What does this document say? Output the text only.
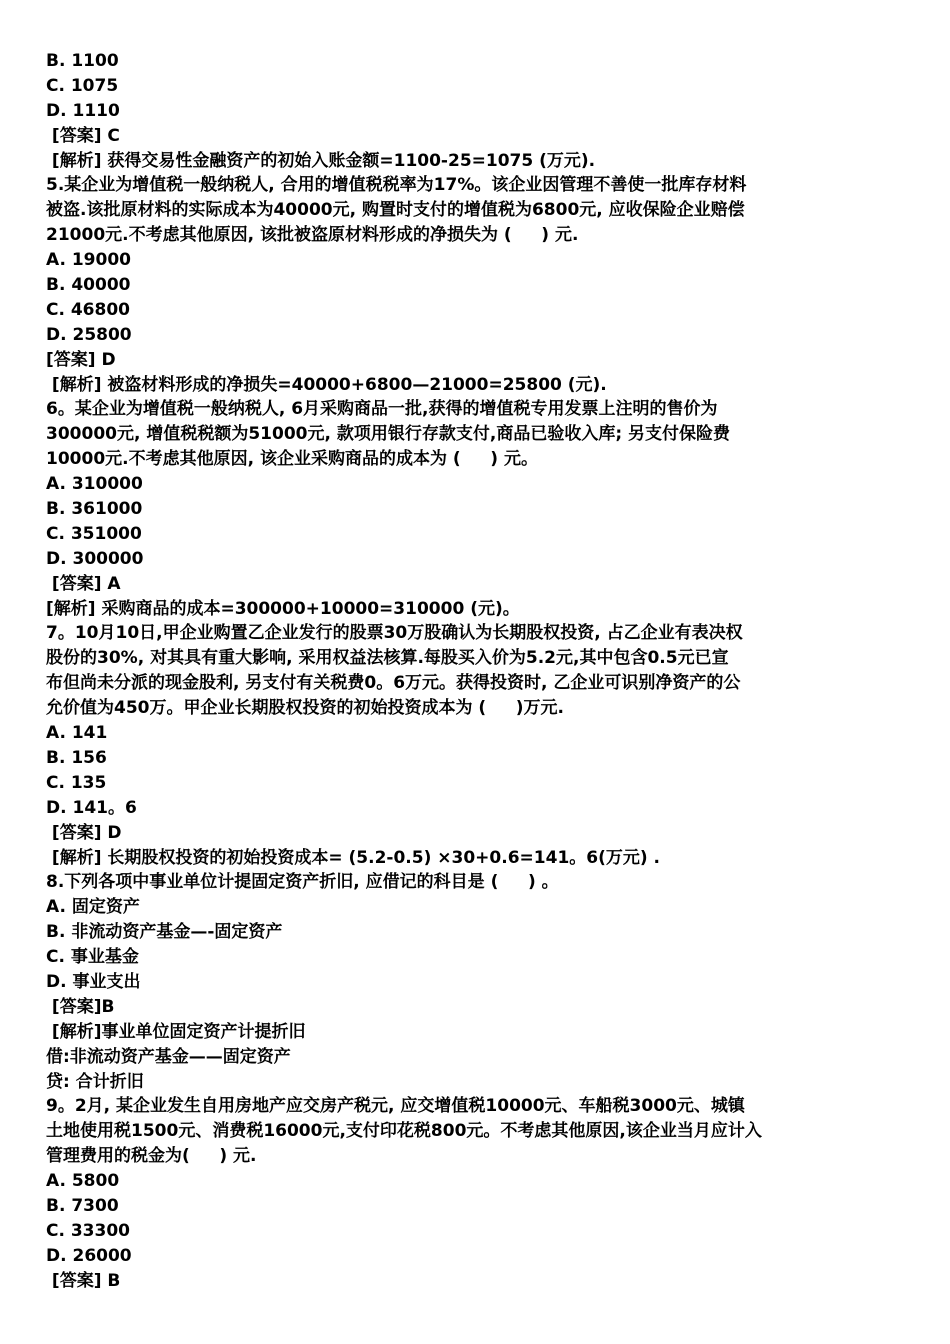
B. 1100
C. 1075
D. 1110
[答案] C
[解析] 获得交易性金融资产的初始入账金额=1100-25=1075 (万元).
5.某企业为增值税一般纳税人, 合用的增值税税率为17%。该企业因管理不善使一批库存材料
被盗.该批原材料的实际成本为40000元, 购置时支付的增值税为6800元, 应收保险企业赔偿
21000元.不考虑其他原因, 该批被盗原材料形成的净损失为 (     ) 元.
A. 19000
B. 40000
C. 46800
D. 25800
[答案] D
[解析] 被盗材料形成的净损失=40000+6800—21000=25800 (元).
6。某企业为增值税一般纳税人, 6月采购商品一批,获得的增值税专用发票上注明的售价为
300000元, 增值税税额为51000元, 款项用银行存款支付,商品已验收入库; 另支付保险费
10000元.不考虑其他原因, 该企业采购商品的成本为 (     ) 元。
A. 310000
B. 361000
C. 351000
D. 300000
[答案] A
[解析] 采购商品的成本=300000+10000=310000 (元)。
7。10月10日,甲企业购置乙企业发行的股票30万股确认为长期股权投资, 占乙企业有表决权
股份的30%, 对其具有重大影响, 采用权益法核算.每股买入价为5.2元,其中包含0.5元已宣
布但尚未分派的现金股利, 另支付有关税费0。6万元。获得投资时, 乙企业可识别净资产的公
允价值为450万。甲企业长期股权投资的初始投资成本为 (     )万元.
A. 141
B. 156
C. 135
D. 141。6
[答案] D
[解析] 长期股权投资的初始投资成本= (5.2-0.5) ×30+0.6=141。6(万元) .
8.下列各项中事业单位计提固定资产折旧, 应借记的科目是 (     ) 。
A. 固定资产
B. 非流动资产基金—-固定资产
C. 事业基金
D. 事业支出
[答案]B
[解析]事业单位固定资产计提折旧
借:非流动资产基金——固定资产
贷: 合计折旧
9。2月, 某企业发生自用房地产应交房产税元, 应交增值税10000元、车船税3000元、城镇
土地使用税1500元、消费税16000元,支付印花税800元。不考虑其他原因,该企业当月应计入
管理费用的税金为(     ) 元.
A. 5800
B. 7300
C. 33300
D. 26000
[答案] B
